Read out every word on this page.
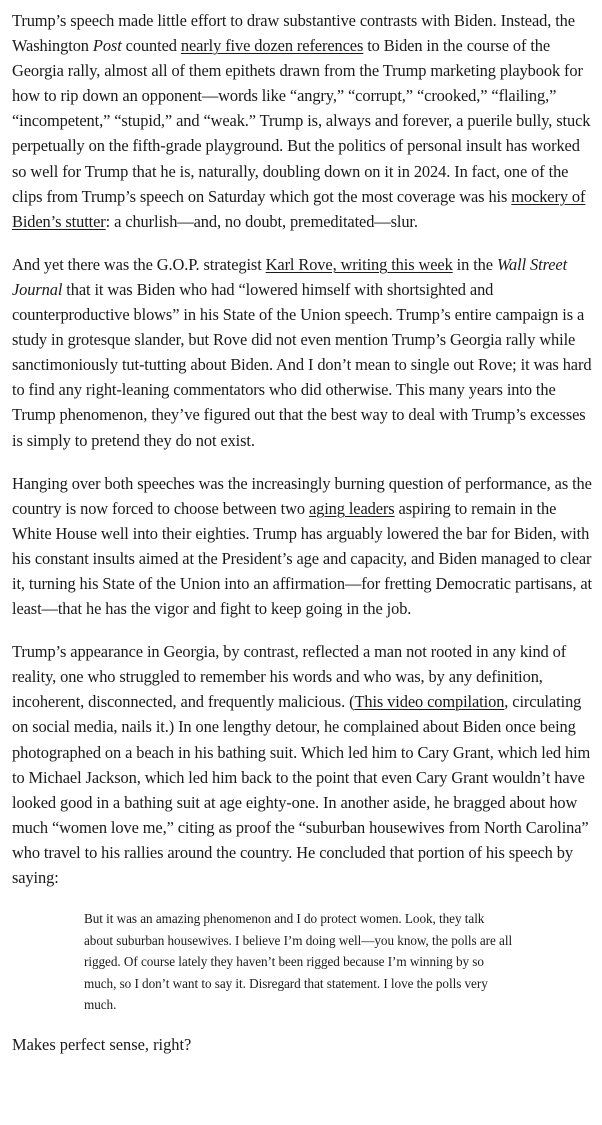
Trump’s speech made little effort to draw substantive contrasts with Biden. Instead, the Washington Post counted nearly five dozen references to Biden in the course of the Georgia rally, almost all of them epithets drawn from the Trump marketing playbook for how to rip down an opponent—words like “angry,” “corrupt,” “crooked,” “flailing,” “incompetent,” “stupid,” and “weak.” Trump is, always and forever, a puerile bully, stuck perpetually on the fifth-grade playground. But the politics of personal insult has worked so well for Trump that he is, naturally, doubling down on it in 2024. In fact, one of the clips from Trump’s speech on Saturday which got the most coverage was his mockery of Biden’s stutter: a churlish—and, no doubt, premeditated—slur.

And yet there was the G.O.P. strategist Karl Rove, writing this week in the Wall Street Journal that it was Biden who had “lowered himself with shortsighted and counterproductive blows” in his State of the Union speech. Trump’s entire campaign is a study in grotesque slander, but Rove did not even mention Trump’s Georgia rally while sanctimoniously tut-tutting about Biden. And I don’t mean to single out Rove; it was hard to find any right-leaning commentators who did otherwise. This many years into the Trump phenomenon, they’ve figured out that the best way to deal with Trump’s excesses is simply to pretend they do not exist.

Hanging over both speeches was the increasingly burning question of performance, as the country is now forced to choose between two aging leaders aspiring to remain in the White House well into their eighties. Trump has arguably lowered the bar for Biden, with his constant insults aimed at the President’s age and capacity, and Biden managed to clear it, turning his State of the Union into an affirmation—for fretting Democratic partisans, at least—that he has the vigor and fight to keep going in the job.

Trump’s appearance in Georgia, by contrast, reflected a man not rooted in any kind of reality, one who struggled to remember his words and who was, by any definition, incoherent, disconnected, and frequently malicious. (This video compilation, circulating on social media, nails it.) In one lengthy detour, he complained about Biden once being photographed on a beach in his bathing suit. Which led him to Cary Grant, which led him to Michael Jackson, which led him back to the point that even Cary Grant wouldn’t have looked good in a bathing suit at age eighty-one. In another aside, he bragged about how much “women love me,” citing as proof the “suburban housewives from North Carolina” who travel to his rallies around the country. He concluded that portion of his speech by saying:

But it was an amazing phenomenon and I do protect women. Look, they talk about suburban housewives. I believe I’m doing well—you know, the polls are all rigged. Of course lately they haven’t been rigged because I’m winning by so much, so I don’t want to say it. Disregard that statement. I love the polls very much.

Makes perfect sense, right?
